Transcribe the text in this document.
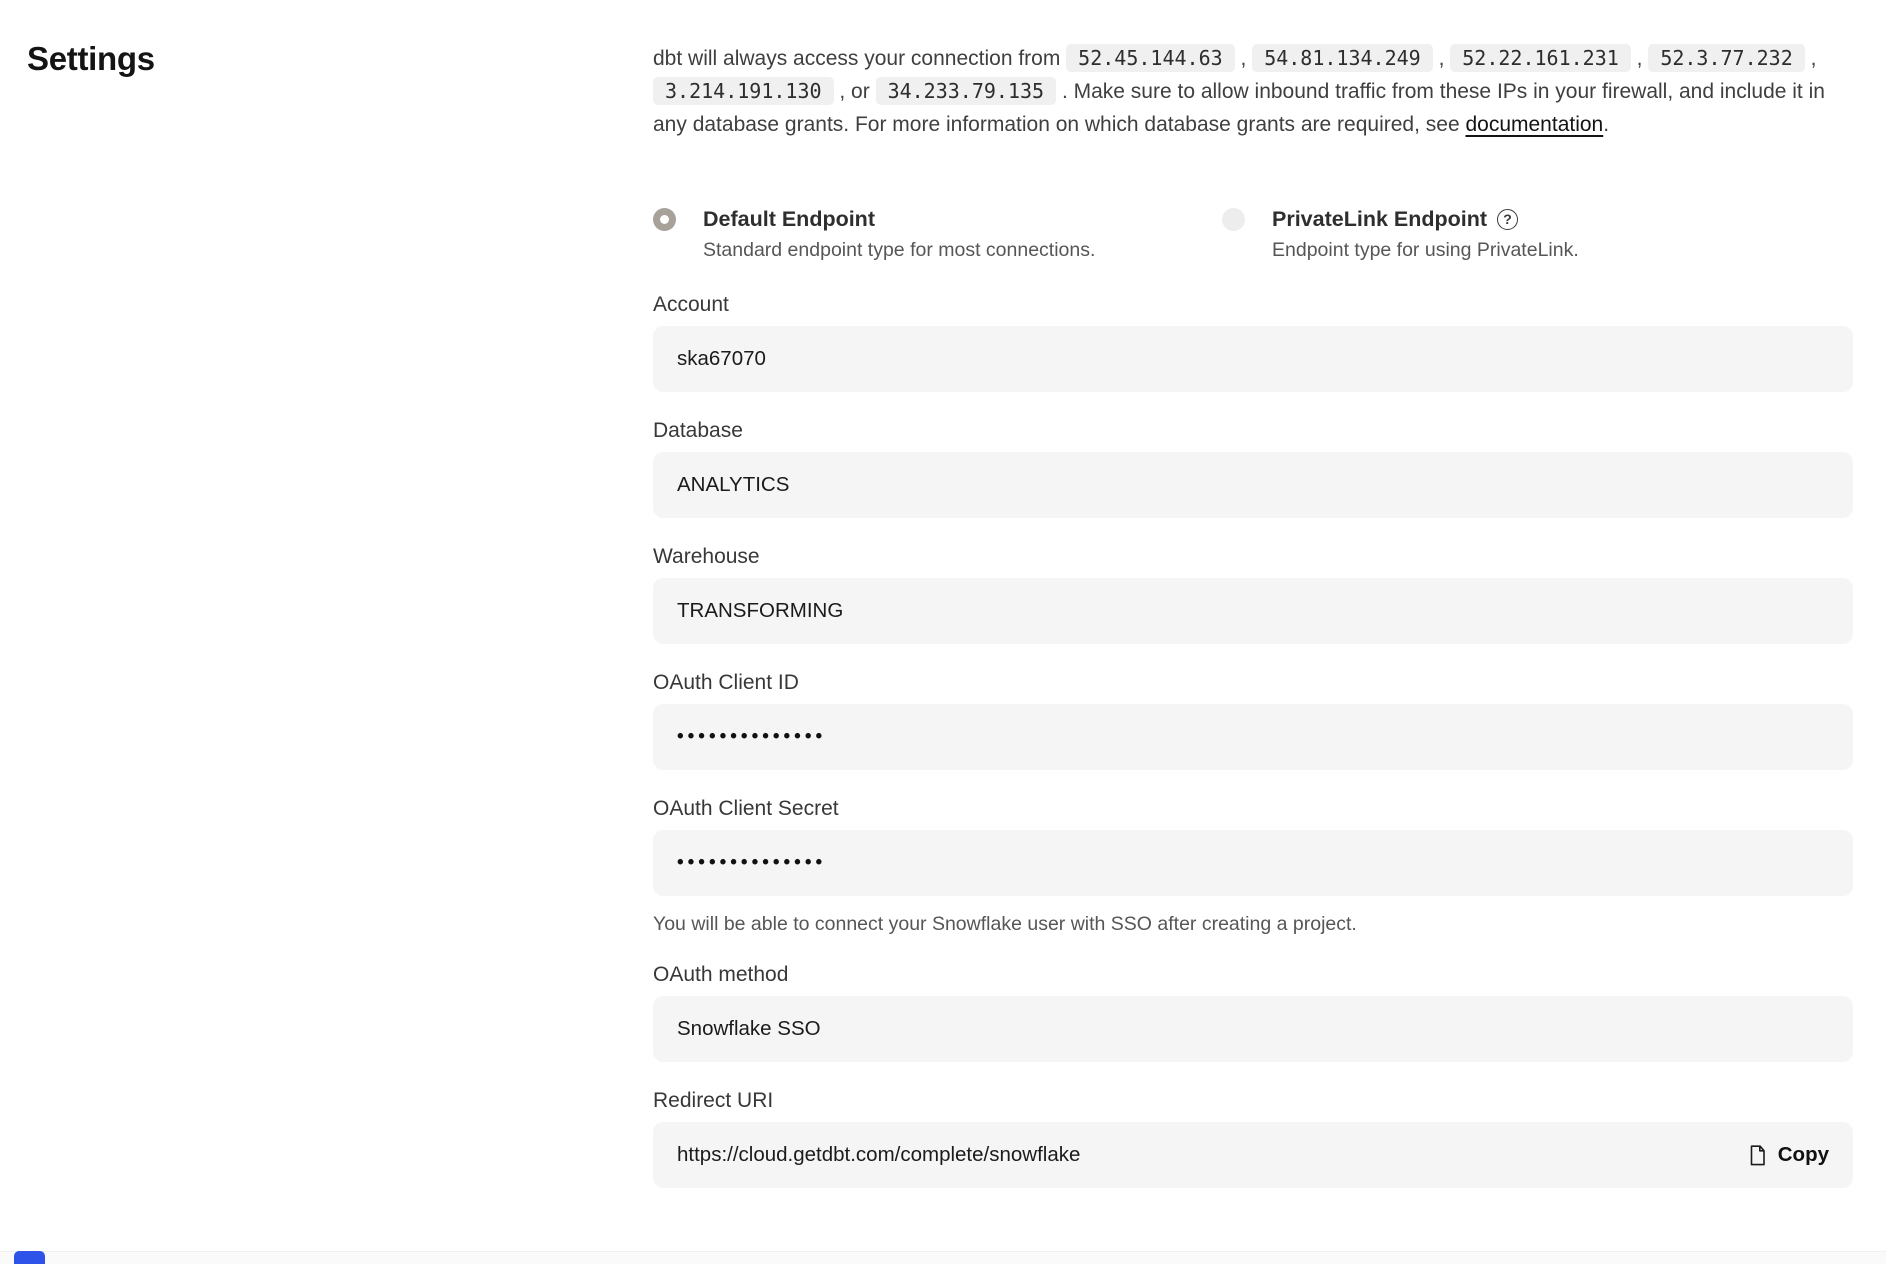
Settings	dbt will always access your connection from 52.45.144.63 , 54.81.134.249 , 52.22.161.231 , 52.3.77.232 , 3.214.191.130 , or 34.233.79.135 . Make sure to allow inbound traffic from these IPs in your firewall, and include it in any database grants. For more information on which database grants are required, see documentation.

Default Endpoint
Standard endpoint type for most connections.
PrivateLink Endpoint	?
Endpoint type for using PrivateLink.
Account
ska67070
Database
ANALYTICS
Warehouse
TRANSFORMING
OAuth Client ID
••••••••••••••
OAuth Client Secret
••••••••••••••
You will be able to connect your Snowflake user with SSO after creating a project.
OAuth method
Snowflake SSO
Redirect URI
https://cloud.getdbt.com/complete/snowflake	Copy
